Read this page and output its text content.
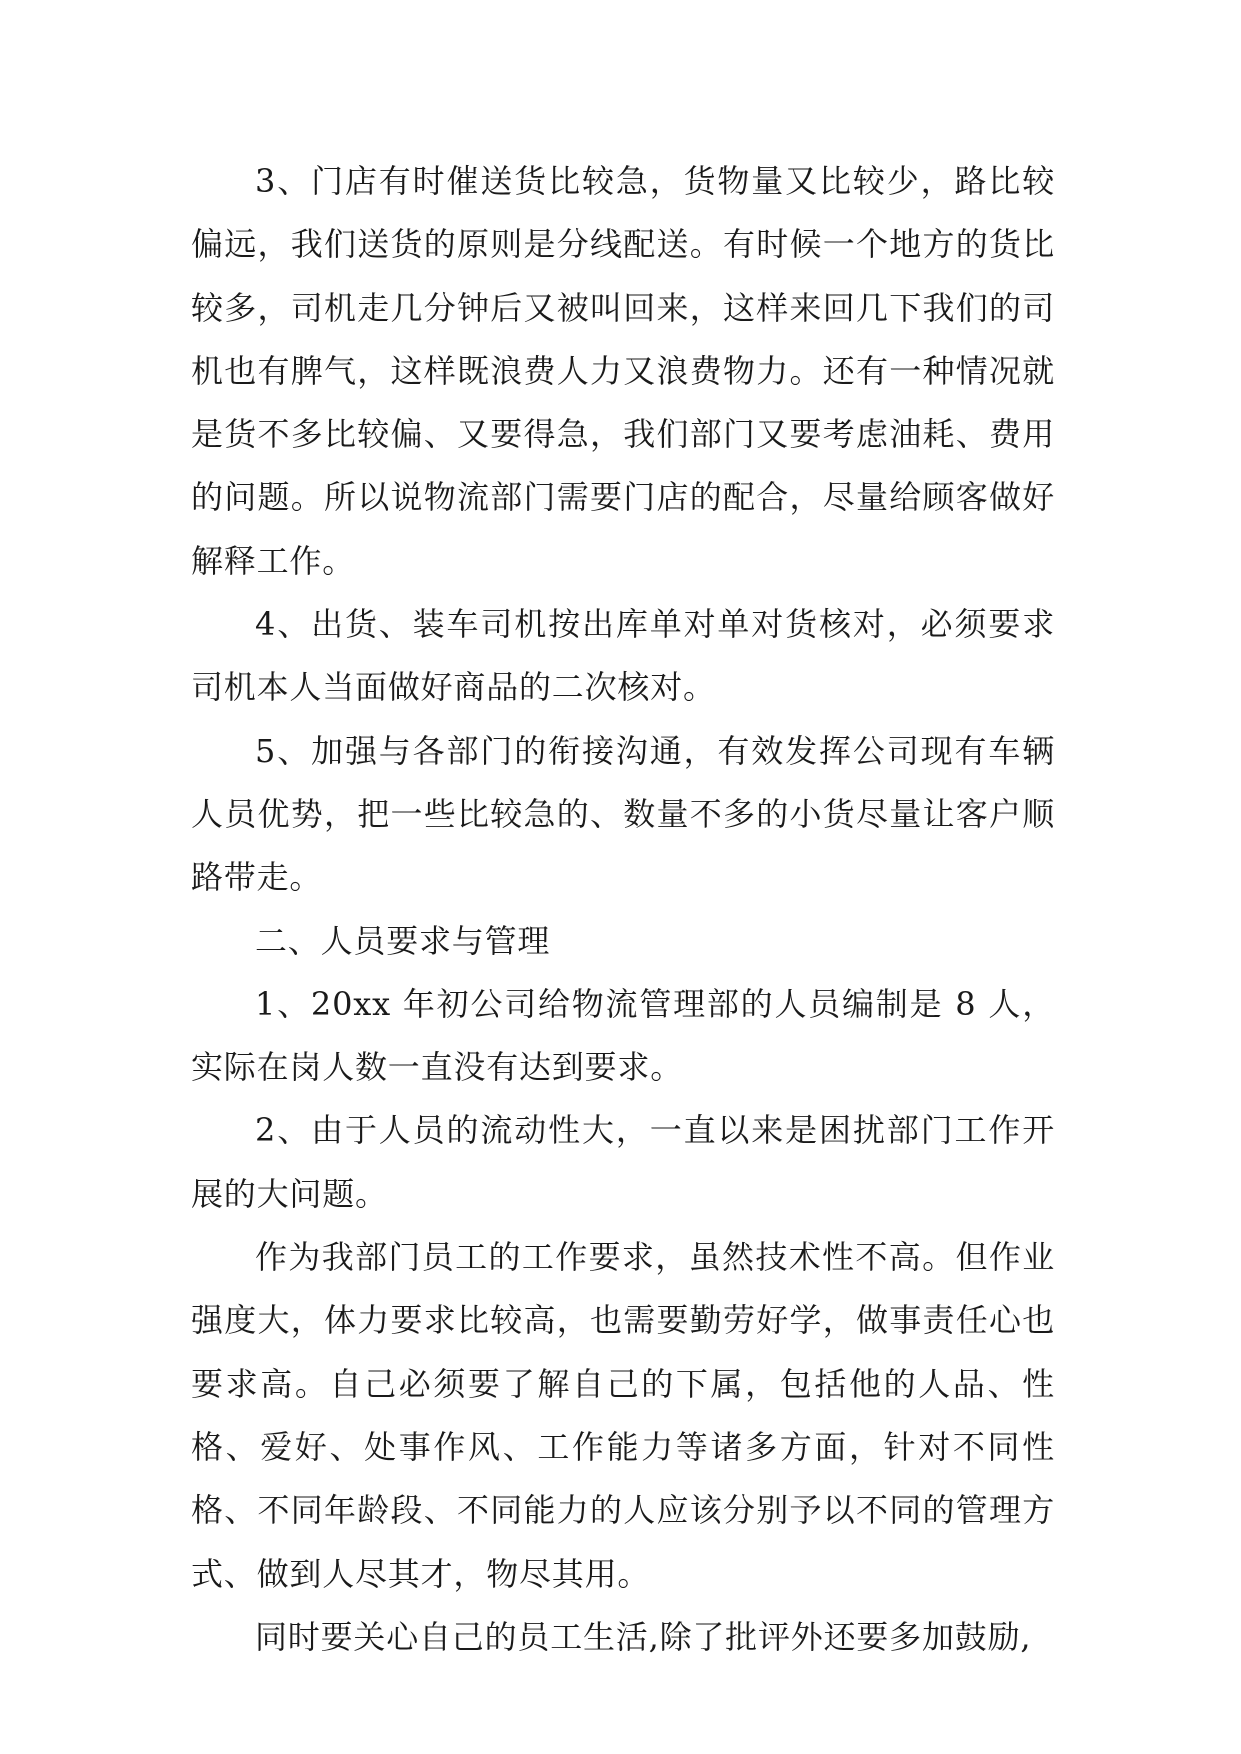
3、门店有时催送货比较急，货物量又比较少，路比较偏远，我们送货的原则是分线配送。有时候一个地方的货比较多，司机走几分钟后又被叫回来，这样来回几下我们的司机也有脾气，这样既浪费人力又浪费物力。还有一种情况就是货不多比较偏、又要得急，我们部门又要考虑油耗、费用的问题。所以说物流部门需要门店的配合，尽量给顾客做好解释工作。

4、出货、装车司机按出库单对单对货核对，必须要求司机本人当面做好商品的二次核对。

5、加强与各部门的衔接沟通，有效发挥公司现有车辆人员优势，把一些比较急的、数量不多的小货尽量让客户顺路带走。

二、人员要求与管理

1、20xx 年初公司给物流管理部的人员编制是 8 人，实际在岗人数一直没有达到要求。

2、由于人员的流动性大，一直以来是困扰部门工作开展的大问题。

作为我部门员工的工作要求，虽然技术性不高。但作业强度大，体力要求比较高，也需要勤劳好学，做事责任心也要求高。自己必须要了解自己的下属，包括他的人品、性格、爱好、处事作风、工作能力等诸多方面，针对不同性格、不同年龄段、不同能力的人应该分别予以不同的管理方式、做到人尽其才，物尽其用。

同时要关心自己的员工生活,除了批评外还要多加鼓励,
